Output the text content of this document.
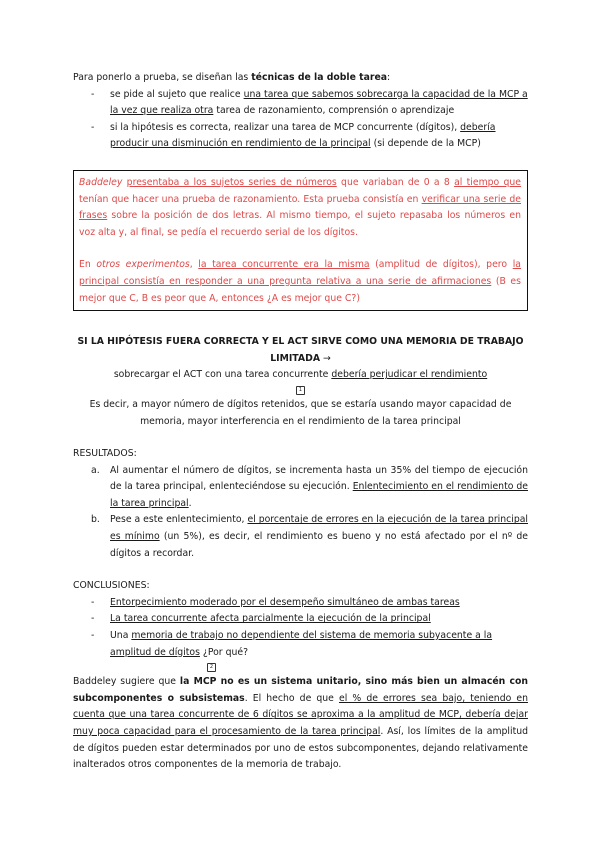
Para ponerlo a prueba, se diseñan las técnicas de la doble tarea:

- se pide al sujeto que realice una tarea que sabemos sobrecarga la capacidad de la MCP a la vez que realiza otra tarea de razonamiento, comprensión o aprendizaje
- si la hipótesis es correcta, realizar una tarea de MCP concurrente (dígitos), debería producir una disminución en rendimiento de la principal (si depende de la MCP)

Baddeley presentaba a los sujetos series de números que variaban de 0 a 8 al tiempo que tenían que hacer una prueba de razonamiento. Esta prueba consistía en verificar una serie de frases sobre la posición de dos letras. Al mismo tiempo, el sujeto repasaba los números en voz alta y, al final, se pedía el recuerdo serial de los dígitos.

En otros experimentos, la tarea concurrente era la misma (amplitud de dígitos), pero la principal consistía en responder a una pregunta relativa a una serie de afirmaciones (B es mejor que C, B es peor que A, entonces ¿A es mejor que C?)

SI LA HIPÓTESIS FUERA CORRECTA Y EL ACT SIRVE COMO UNA MEMORIA DE TRABAJO LIMITADA →

sobrecargar el ACT con una tarea concurrente debería perjudicar el rendimiento

1

Es decir, a mayor número de dígitos retenidos, que se estaría usando mayor capacidad de memoria, mayor interferencia en el rendimiento de la tarea principal

RESULTADOS:

a. Al aumentar el número de dígitos, se incrementa hasta un 35% del tiempo de ejecución de la tarea principal, enlenteciéndose su ejecución. Enlentecimiento en el rendimiento de la tarea principal.
b. Pese a este enlentecimiento, el porcentaje de errores en la ejecución de la tarea principal es mínimo (un 5%), es decir, el rendimiento es bueno y no está afectado por el nº de dígitos a recordar.

CONCLUSIONES:

- Entorpecimiento moderado por el desempeño simultáneo de ambas tareas
- La tarea concurrente afecta parcialmente la ejecución de la principal
- Una memoria de trabajo no dependiente del sistema de memoria subyacente a la amplitud de dígitos ¿Por qué?

2

Baddeley sugiere que la MCP no es un sistema unitario, sino más bien un almacén con subcomponentes o subsistemas. El hecho de que el % de errores sea bajo, teniendo en cuenta que una tarea concurrente de 6 dígitos se aproxima a la amplitud de MCP, debería dejar muy poca capacidad para el procesamiento de la tarea principal. Así, los límites de la amplitud de dígitos pueden estar determinados por uno de estos subcomponentes, dejando relativamente inalterados otros componentes de la memoria de trabajo.
